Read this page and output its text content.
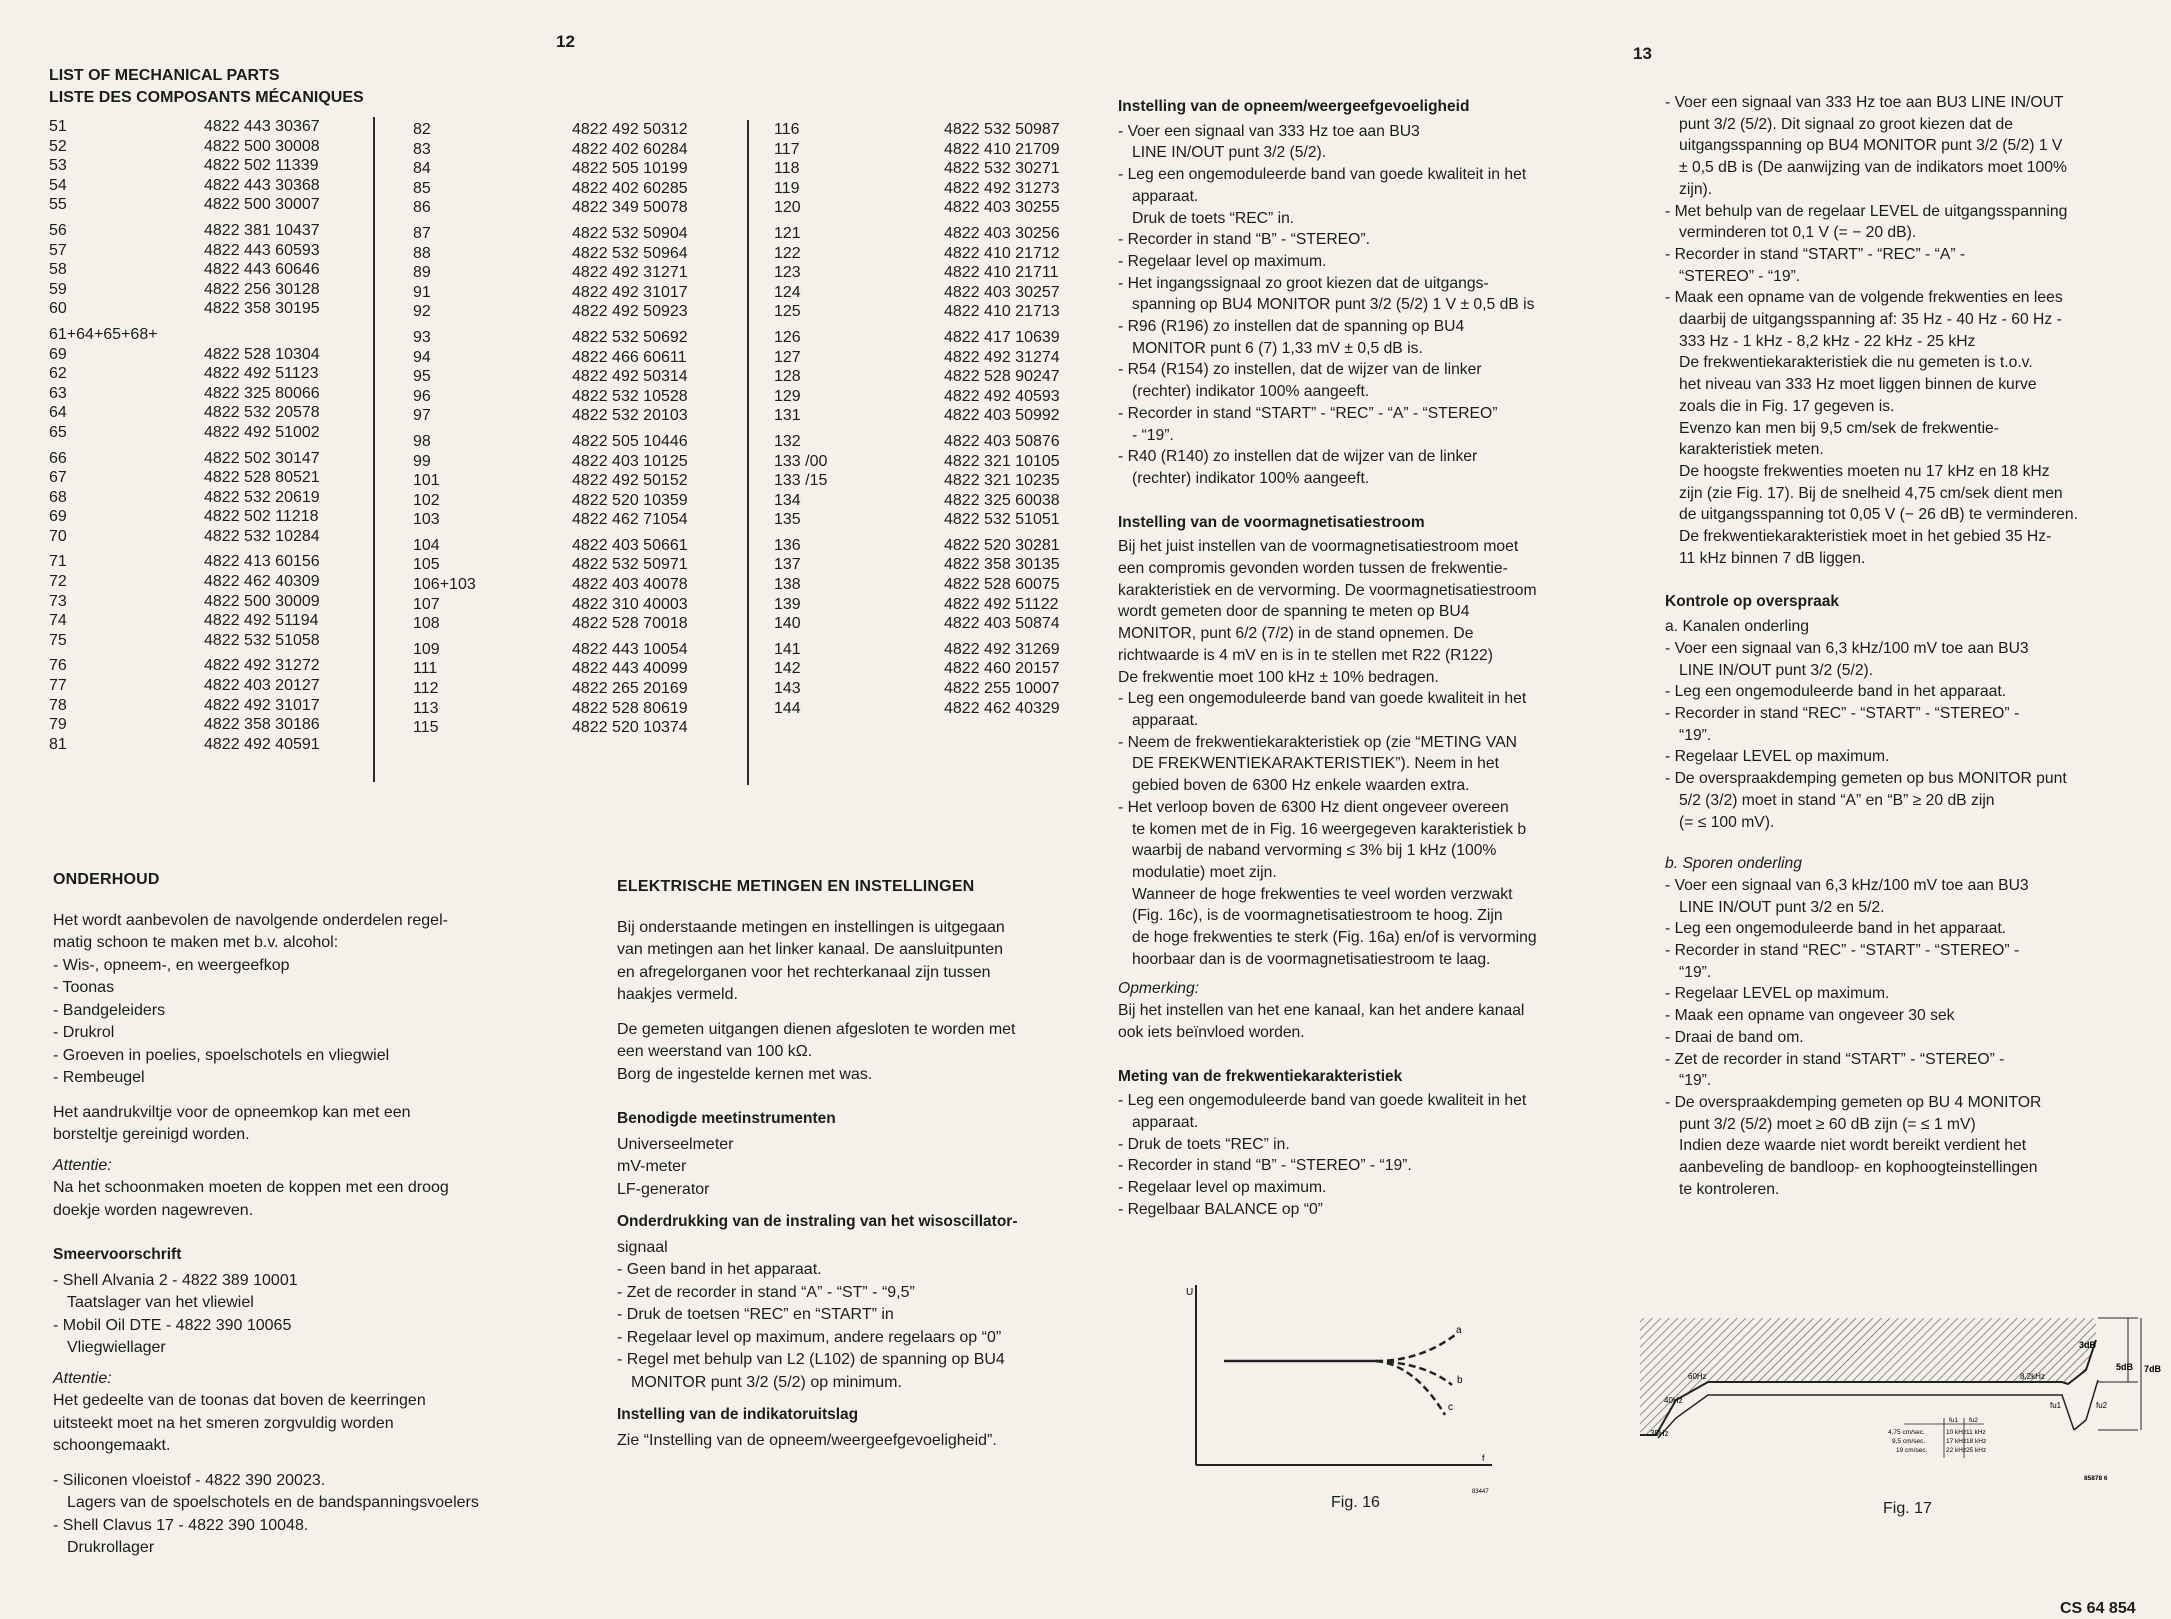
12
13
LIST OF MECHANICAL PARTS
LISTE DES COMPOSANTS MÉCANIQUES
51	4822 443 30367
52	4822 500 30008
53	4822 502 11339
54	4822 443 30368
55	4822 500 30007
56	4822 381 10437
57	4822 443 60593
58	4822 443 60646
59	4822 256 30128
60	4822 358 30195
61+64+65+68+
69	4822 528 10304
62	4822 492 51123
63	4822 325 80066
64	4822 532 20578
65	4822 492 51002
66	4822 502 30147
67	4822 528 80521
68	4822 532 20619
69	4822 502 11218
70	4822 532 10284
71	4822 413 60156
72	4822 462 40309
73	4822 500 30009
74	4822 492 51194
75	4822 532 51058
76	4822 492 31272
77	4822 403 20127
78	4822 492 31017
79	4822 358 30186
81	4822 492 40591
82	4822 492 50312
83	4822 402 60284
84	4822 505 10199
85	4822 402 60285
86	4822 349 50078
87	4822 532 50904
88	4822 532 50964
89	4822 492 31271
91	4822 492 31017
92	4822 492 50923
93	4822 532 50692
94	4822 466 60611
95	4822 492 50314
96	4822 532 10528
97	4822 532 20103
98	4822 505 10446
99	4822 403 10125
101	4822 492 50152
102	4822 520 10359
103	4822 462 71054
104	4822 403 50661
105	4822 532 50971
106+103	4822 403 40078
107	4822 310 40003
108	4822 528 70018
109	4822 443 10054
111	4822 443 40099
112	4822 265 20169
113	4822 528 80619
115	4822 520 10374
116	4822 532 50987
117	4822 410 21709
118	4822 532 30271
119	4822 492 31273
120	4822 403 30255
121	4822 403 30256
122	4822 410 21712
123	4822 410 21711
124	4822 403 30257
125	4822 410 21713
126	4822 417 10639
127	4822 492 31274
128	4822 528 90247
129	4822 492 40593
131	4822 403 50992
132	4822 403 50876
133 /00	4822 321 10105
133 /15	4822 321 10235
134	4822 325 60038
135	4822 532 51051
136	4822 520 30281
137	4822 358 30135
138	4822 528 60075
139	4822 492 51122
140	4822 403 50874
141	4822 492 31269
142	4822 460 20157
143	4822 255 10007
144	4822 462 40329
ONDERHOUD

Het wordt aanbevolen de navolgende onderdelen regel-

matig schoon te maken met b.v. alcohol:

- Wis-, opneem-, en weergeefkop

- Toonas

- Bandgeleiders

- Drukrol

- Groeven in poelies, spoelschotels en vliegwiel

- Rembeugel

Het aandrukviltje voor de opneemkop kan met een

borsteltje gereinigd worden.

Attentie:

Na het schoonmaken moeten de koppen met een droog

doekje worden nagewreven.

Smeervoorschrift

- Shell Alvania 2 - 4822 389 10001

Taatslager van het vliewiel

- Mobil Oil DTE - 4822 390 10065

Vliegwiellager

Attentie:

Het gedeelte van de toonas dat boven de keerringen

uitsteekt moet na het smeren zorgvuldig worden

schoongemaakt.

- Siliconen vloeistof - 4822 390 20023.

Lagers van de spoelschotels en de bandspanningsvoelers

- Shell Clavus 17 - 4822 390 10048.

Drukrollager

ELEKTRISCHE METINGEN EN INSTELLINGEN

Bij onderstaande metingen en instellingen is uitgegaan

van metingen aan het linker kanaal. De aansluitpunten

en afregelorganen voor het rechterkanaal zijn tussen

haakjes vermeld.

De gemeten uitgangen dienen afgesloten te worden met

een weerstand van 100 kΩ.

Borg de ingestelde kernen met was.

Benodigde meetinstrumenten

Universeelmeter

mV-meter

LF-generator

Onderdrukking van de instraling van het wisoscillator-

signaal

- Geen band in het apparaat.

- Zet de recorder in stand “A” - “ST” - “9,5”

- Druk de toetsen “REC” en “START” in

- Regelaar level op maximum, andere regelaars op “0”

- Regel met behulp van L2 (L102) de spanning op BU4

MONITOR punt 3/2 (5/2) op minimum.

Instelling van de indikatoruitslag

Zie “Instelling van de opneem/weergeefgevoeligheid”.

Instelling van de opneem/weergeefgevoeligheid

- Voer een signaal van 333 Hz toe aan BU3

LINE IN/OUT punt 3/2 (5/2).

- Leg een ongemoduleerde band van goede kwaliteit in het

apparaat.

Druk de toets “REC” in.

- Recorder in stand “B” - “STEREO”.

- Regelaar level op maximum.

- Het ingangssignaal zo groot kiezen dat de uitgangs-

spanning op BU4 MONITOR punt 3/2 (5/2) 1 V ± 0,5 dB is

- R96 (R196) zo instellen dat de spanning op BU4

MONITOR punt 6 (7) 1,33 mV ± 0,5 dB is.

- R54 (R154) zo instellen, dat de wijzer van de linker

(rechter) indikator 100% aangeeft.

- Recorder in stand “START” - “REC” - “A” - “STEREO”

- “19”.

- R40 (R140) zo instellen dat de wijzer van de linker

(rechter) indikator 100% aangeeft.

Instelling van de voormagnetisatiestroom

Bij het juist instellen van de voormagnetisatiestroom moet

een compromis gevonden worden tussen de frekwentie-

karakteristiek en de vervorming. De voormagnetisatiestroom

wordt gemeten door de spanning te meten op BU4

MONITOR, punt 6/2 (7/2) in de stand opnemen. De

richtwaarde is 4 mV en is in te stellen met R22 (R122)

De frekwentie moet 100 kHz ± 10% bedragen.

- Leg een ongemoduleerde band van goede kwaliteit in het

apparaat.

- Neem de frekwentiekarakteristiek op (zie “METING VAN

DE FREKWENTIEKARAKTERISTIEK”). Neem in het

gebied boven de 6300 Hz enkele waarden extra.

- Het verloop boven de 6300 Hz dient ongeveer overeen

te komen met de in Fig. 16 weergegeven karakteristiek b

waarbij de naband vervorming ≤ 3% bij 1 kHz (100%

modulatie) moet zijn.

Wanneer de hoge frekwenties te veel worden verzwakt

(Fig. 16c), is de voormagnetisatiestroom te hoog. Zijn

de hoge frekwenties te sterk (Fig. 16a) en/of is vervorming

hoorbaar dan is de voormagnetisatiestroom te laag.

Opmerking:

Bij het instellen van het ene kanaal, kan het andere kanaal

ook iets beïnvloed worden.

Meting van de frekwentiekarakteristiek

- Leg een ongemoduleerde band van goede kwaliteit in het

apparaat.

- Druk de toets “REC” in.

- Recorder in stand “B” - “STEREO” - “19”.

- Regelaar level op maximum.

- Regelbaar BALANCE op “0”

- Voer een signaal van 333 Hz toe aan BU3 LINE IN/OUT

punt 3/2 (5/2). Dit signaal zo groot kiezen dat de

uitgangsspanning op BU4 MONITOR punt 3/2 (5/2) 1 V

± 0,5 dB is (De aanwijzing van de indikators moet 100%

zijn).

- Met behulp van de regelaar LEVEL de uitgangsspanning

verminderen tot 0,1 V (= − 20 dB).

- Recorder in stand “START” - “REC” - “A” -

“STEREO” - “19”.

- Maak een opname van de volgende frekwenties en lees

daarbij de uitgangsspanning af: 35 Hz - 40 Hz - 60 Hz -

333 Hz - 1 kHz - 8,2 kHz - 22 kHz - 25 kHz

De frekwentiekarakteristiek die nu gemeten is t.o.v.

het niveau van 333 Hz moet liggen binnen de kurve

zoals die in Fig. 17 gegeven is.

Evenzo kan men bij 9,5 cm/sek de frekwentie-

karakteristiek meten.

De hoogste frekwenties moeten nu 17 kHz en 18 kHz

zijn (zie Fig. 17). Bij de snelheid 4,75 cm/sek dient men

de uitgangsspanning tot 0,05 V (− 26 dB) te verminderen.

De frekwentiekarakteristiek moet in het gebied 35 Hz-

11 kHz binnen 7 dB liggen.

Kontrole op overspraak

a. Kanalen onderling

- Voer een signaal van 6,3 kHz/100 mV toe aan BU3

LINE IN/OUT punt 3/2 (5/2).

- Leg een ongemoduleerde band in het apparaat.

- Recorder in stand “REC” - “START” - “STEREO” -

“19”.

- Regelaar LEVEL op maximum.

- De overspraakdemping gemeten op bus MONITOR punt

5/2 (3/2) moet in stand “A” en “B” ≥ 20 dB zijn

(= ≤ 100 mV).

b. Sporen onderling

- Voer een signaal van 6,3 kHz/100 mV toe aan BU3

LINE IN/OUT punt 3/2 en 5/2.

- Leg een ongemoduleerde band in het apparaat.

- Recorder in stand “REC” - “START” - “STEREO” -

“19”.

- Regelaar LEVEL op maximum.

- Maak een opname van ongeveer 30 sek

- Draai de band om.

- Zet de recorder in stand “START” - “STEREO” -

“19”.

- De overspraakdemping gemeten op BU 4 MONITOR

punt 3/2 (5/2) moet ≥ 60 dB zijn (= ≤ 1 mV)

Indien deze waarde niet wordt bereikt verdient het

aanbeveling de bandloop- en kophoogteinstellingen

te kontroleren.

U
a
b
c
f
83447
Fig. 16
3dB
5dB 7dB
60Hz
40Hz
35Hz
8,2kHz
fu1	fu2
fu1 fu2
4,75 cm/sec.	10 kHz 11 kHz
9,5 cm/sec.	17 kHz 18 kHz
19 cm/sec.	22 kHz 25 kHz
85878 6
Fig. 17
CS 64 854
